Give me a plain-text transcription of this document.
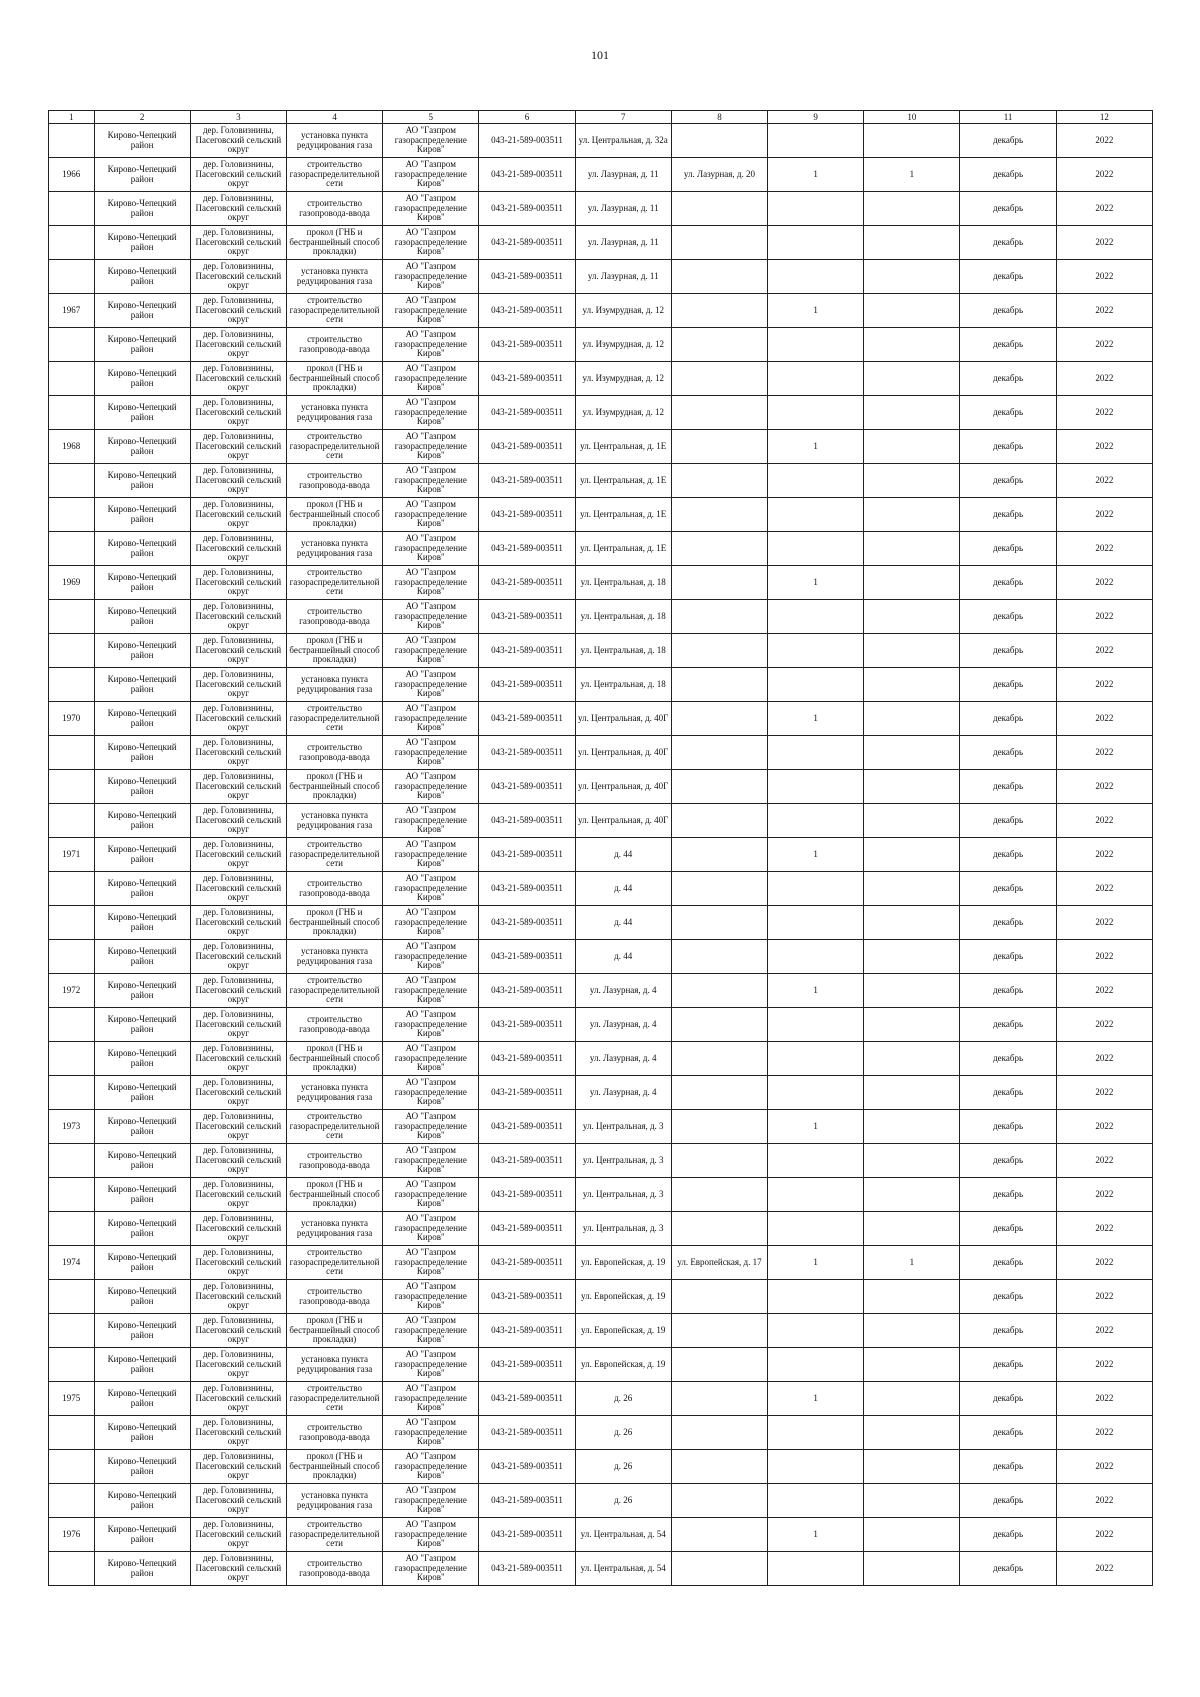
101
1	2	3	4	5	6	7	8	9	10	11	12

	Кирово-Чепецкий район	дер. Головизнины, Пасеговский сельский округ	установка пункта редуцирования газа	АО "Газпром газораспределение Киров"	043-21-589-003511	ул. Центральная, д. 32а				декабрь	2022

1966	Кирово-Чепецкий район	дер. Головизнины, Пасеговский сельский округ	строительство газораспределительной сети	АО "Газпром газораспределение Киров"	043-21-589-003511	ул. Лазурная, д. 11	ул. Лазурная, д. 20	1	1	декабрь	2022

	Кирово-Чепецкий район	дер. Головизнины, Пасеговский сельский округ	строительство газопровода-ввода	АО "Газпром газораспределение Киров"	043-21-589-003511	ул. Лазурная, д. 11				декабрь	2022

	Кирово-Чепецкий район	дер. Головизнины, Пасеговский сельский округ	прокол (ГНБ и бестраншейный способ прокладки)	АО "Газпром газораспределение Киров"	043-21-589-003511	ул. Лазурная, д. 11				декабрь	2022

	Кирово-Чепецкий район	дер. Головизнины, Пасеговский сельский округ	установка пункта редуцирования газа	АО "Газпром газораспределение Киров"	043-21-589-003511	ул. Лазурная, д. 11				декабрь	2022

1967	Кирово-Чепецкий район	дер. Головизнины, Пасеговский сельский округ	строительство газораспределительной сети	АО "Газпром газораспределение Киров"	043-21-589-003511	ул. Изумрудная, д. 12		1		декабрь	2022

	Кирово-Чепецкий район	дер. Головизнины, Пасеговский сельский округ	строительство газопровода-ввода	АО "Газпром газораспределение Киров"	043-21-589-003511	ул. Изумрудная, д. 12				декабрь	2022

	Кирово-Чепецкий район	дер. Головизнины, Пасеговский сельский округ	прокол (ГНБ и бестраншейный способ прокладки)	АО "Газпром газораспределение Киров"	043-21-589-003511	ул. Изумрудная, д. 12				декабрь	2022

	Кирово-Чепецкий район	дер. Головизнины, Пасеговский сельский округ	установка пункта редуцирования газа	АО "Газпром газораспределение Киров"	043-21-589-003511	ул. Изумрудная, д. 12				декабрь	2022

1968	Кирово-Чепецкий район	дер. Головизнины, Пасеговский сельский округ	строительство газораспределительной сети	АО "Газпром газораспределение Киров"	043-21-589-003511	ул. Центральная, д. 1Е		1		декабрь	2022

	Кирово-Чепецкий район	дер. Головизнины, Пасеговский сельский округ	строительство газопровода-ввода	АО "Газпром газораспределение Киров"	043-21-589-003511	ул. Центральная, д. 1Е				декабрь	2022

	Кирово-Чепецкий район	дер. Головизнины, Пасеговский сельский округ	прокол (ГНБ и бестраншейный способ прокладки)	АО "Газпром газораспределение Киров"	043-21-589-003511	ул. Центральная, д. 1Е				декабрь	2022

	Кирово-Чепецкий район	дер. Головизнины, Пасеговский сельский округ	установка пункта редуцирования газа	АО "Газпром газораспределение Киров"	043-21-589-003511	ул. Центральная, д. 1Е				декабрь	2022

1969	Кирово-Чепецкий район	дер. Головизнины, Пасеговский сельский округ	строительство газораспределительной сети	АО "Газпром газораспределение Киров"	043-21-589-003511	ул. Центральная, д. 18		1		декабрь	2022

	Кирово-Чепецкий район	дер. Головизнины, Пасеговский сельский округ	строительство газопровода-ввода	АО "Газпром газораспределение Киров"	043-21-589-003511	ул. Центральная, д. 18				декабрь	2022

	Кирово-Чепецкий район	дер. Головизнины, Пасеговский сельский округ	прокол (ГНБ и бестраншейный способ прокладки)	АО "Газпром газораспределение Киров"	043-21-589-003511	ул. Центральная, д. 18				декабрь	2022

	Кирово-Чепецкий район	дер. Головизнины, Пасеговский сельский округ	установка пункта редуцирования газа	АО "Газпром газораспределение Киров"	043-21-589-003511	ул. Центральная, д. 18				декабрь	2022

1970	Кирово-Чепецкий район	дер. Головизнины, Пасеговский сельский округ	строительство газораспределительной сети	АО "Газпром газораспределение Киров"	043-21-589-003511	ул. Центральная, д. 40Г		1		декабрь	2022

	Кирово-Чепецкий район	дер. Головизнины, Пасеговский сельский округ	строительство газопровода-ввода	АО "Газпром газораспределение Киров"	043-21-589-003511	ул. Центральная, д. 40Г				декабрь	2022

	Кирово-Чепецкий район	дер. Головизнины, Пасеговский сельский округ	прокол (ГНБ и бестраншейный способ прокладки)	АО "Газпром газораспределение Киров"	043-21-589-003511	ул. Центральная, д. 40Г				декабрь	2022

	Кирово-Чепецкий район	дер. Головизнины, Пасеговский сельский округ	установка пункта редуцирования газа	АО "Газпром газораспределение Киров"	043-21-589-003511	ул. Центральная, д. 40Г				декабрь	2022

1971	Кирово-Чепецкий район	дер. Головизнины, Пасеговский сельский округ	строительство газораспределительной сети	АО "Газпром газораспределение Киров"	043-21-589-003511	д. 44		1		декабрь	2022

	Кирово-Чепецкий район	дер. Головизнины, Пасеговский сельский округ	строительство газопровода-ввода	АО "Газпром газораспределение Киров"	043-21-589-003511	д. 44				декабрь	2022

	Кирово-Чепецкий район	дер. Головизнины, Пасеговский сельский округ	прокол (ГНБ и бестраншейный способ прокладки)	АО "Газпром газораспределение Киров"	043-21-589-003511	д. 44				декабрь	2022

	Кирово-Чепецкий район	дер. Головизнины, Пасеговский сельский округ	установка пункта редуцирования газа	АО "Газпром газораспределение Киров"	043-21-589-003511	д. 44				декабрь	2022

1972	Кирово-Чепецкий район	дер. Головизнины, Пасеговский сельский округ	строительство газораспределительной сети	АО "Газпром газораспределение Киров"	043-21-589-003511	ул. Лазурная, д. 4		1		декабрь	2022

	Кирово-Чепецкий район	дер. Головизнины, Пасеговский сельский округ	строительство газопровода-ввода	АО "Газпром газораспределение Киров"	043-21-589-003511	ул. Лазурная, д. 4				декабрь	2022

	Кирово-Чепецкий район	дер. Головизнины, Пасеговский сельский округ	прокол (ГНБ и бестраншейный способ прокладки)	АО "Газпром газораспределение Киров"	043-21-589-003511	ул. Лазурная, д. 4				декабрь	2022

	Кирово-Чепецкий район	дер. Головизнины, Пасеговский сельский округ	установка пункта редуцирования газа	АО "Газпром газораспределение Киров"	043-21-589-003511	ул. Лазурная, д. 4				декабрь	2022

1973	Кирово-Чепецкий район	дер. Головизнины, Пасеговский сельский округ	строительство газораспределительной сети	АО "Газпром газораспределение Киров"	043-21-589-003511	ул. Центральная, д. 3		1		декабрь	2022

	Кирово-Чепецкий район	дер. Головизнины, Пасеговский сельский округ	строительство газопровода-ввода	АО "Газпром газораспределение Киров"	043-21-589-003511	ул. Центральная, д. 3				декабрь	2022

	Кирово-Чепецкий район	дер. Головизнины, Пасеговский сельский округ	прокол (ГНБ и бестраншейный способ прокладки)	АО "Газпром газораспределение Киров"	043-21-589-003511	ул. Центральная, д. 3				декабрь	2022

	Кирово-Чепецкий район	дер. Головизнины, Пасеговский сельский округ	установка пункта редуцирования газа	АО "Газпром газораспределение Киров"	043-21-589-003511	ул. Центральная, д. 3				декабрь	2022

1974	Кирово-Чепецкий район	дер. Головизнины, Пасеговский сельский округ	строительство газораспределительной сети	АО "Газпром газораспределение Киров"	043-21-589-003511	ул. Европейская, д. 19	ул. Европейская, д. 17	1	1	декабрь	2022

	Кирово-Чепецкий район	дер. Головизнины, Пасеговский сельский округ	строительство газопровода-ввода	АО "Газпром газораспределение Киров"	043-21-589-003511	ул. Европейская, д. 19				декабрь	2022

	Кирово-Чепецкий район	дер. Головизнины, Пасеговский сельский округ	прокол (ГНБ и бестраншейный способ прокладки)	АО "Газпром газораспределение Киров"	043-21-589-003511	ул. Европейская, д. 19				декабрь	2022

	Кирово-Чепецкий район	дер. Головизнины, Пасеговский сельский округ	установка пункта редуцирования газа	АО "Газпром газораспределение Киров"	043-21-589-003511	ул. Европейская, д. 19				декабрь	2022

1975	Кирово-Чепецкий район	дер. Головизнины, Пасеговский сельский округ	строительство газораспределительной сети	АО "Газпром газораспределение Киров"	043-21-589-003511	д. 26		1		декабрь	2022

	Кирово-Чепецкий район	дер. Головизнины, Пасеговский сельский округ	строительство газопровода-ввода	АО "Газпром газораспределение Киров"	043-21-589-003511	д. 26				декабрь	2022

	Кирово-Чепецкий район	дер. Головизнины, Пасеговский сельский округ	прокол (ГНБ и бестраншейный способ прокладки)	АО "Газпром газораспределение Киров"	043-21-589-003511	д. 26				декабрь	2022

	Кирово-Чепецкий район	дер. Головизнины, Пасеговский сельский округ	установка пункта редуцирования газа	АО "Газпром газораспределение Киров"	043-21-589-003511	д. 26				декабрь	2022

1976	Кирово-Чепецкий район	дер. Головизнины, Пасеговский сельский округ	строительство газораспределительной сети	АО "Газпром газораспределение Киров"	043-21-589-003511	ул. Центральная, д. 54		1		декабрь	2022

	Кирово-Чепецкий район	дер. Головизнины, Пасеговский сельский округ	строительство газопровода-ввода	АО "Газпром газораспределение Киров"	043-21-589-003511	ул. Центральная, д. 54				декабрь	2022
